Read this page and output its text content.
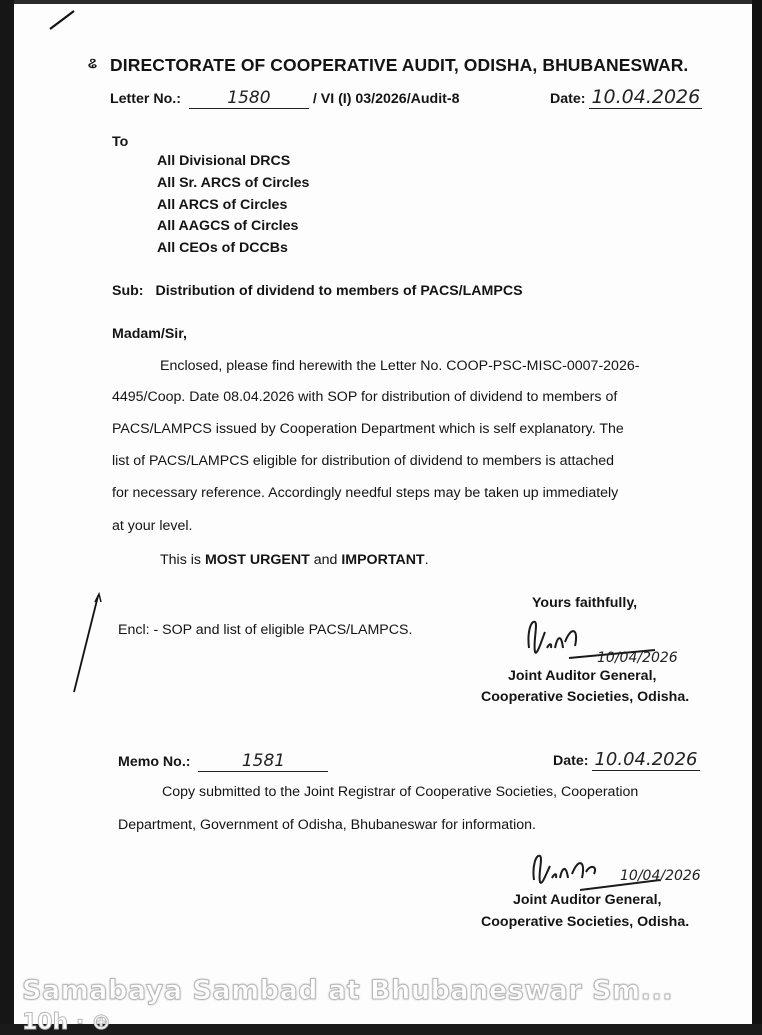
ଌ DIRECTORATE OF COOPERATIVE AUDIT, ODISHA, BHUBANESWAR.
Letter No.:	1580	/ VI (I) 03/2026/Audit-8	Date: 10.04.2026
To
All Divisional DRCS
All Sr. ARCS of Circles
All ARCS of Circles
All AAGCS of Circles
All CEOs of DCCBs
Sub: Distribution of dividend to members of PACS/LAMPCS
Madam/Sir,
Enclosed, please find herewith the Letter No. COOP-PSC-MISC-0007-2026-
4495/Coop. Date 08.04.2026 with SOP for distribution of dividend to members of
PACS/LAMPCS issued by Cooperation Department which is self explanatory. The
list of PACS/LAMPCS eligible for distribution of dividend to members is attached
for necessary reference. Accordingly needful steps may be taken up immediately
at your level.
This is MOST URGENT and IMPORTANT.
Encl: - SOP and list of eligible PACS/LAMPCS.
Yours faithfully,
10/04/2026
Joint Auditor General,
Cooperative Societies, Odisha.
Memo No.:	1581	Date: 10.04.2026
Copy submitted to the Joint Registrar of Cooperative Societies, Cooperation
Department, Government of Odisha, Bhubaneswar for information.
10/04/2026
Joint Auditor General,
Cooperative Societies, Odisha.
Samabaya Sambad at Bhubaneswar Sm...
10h · ⊕
